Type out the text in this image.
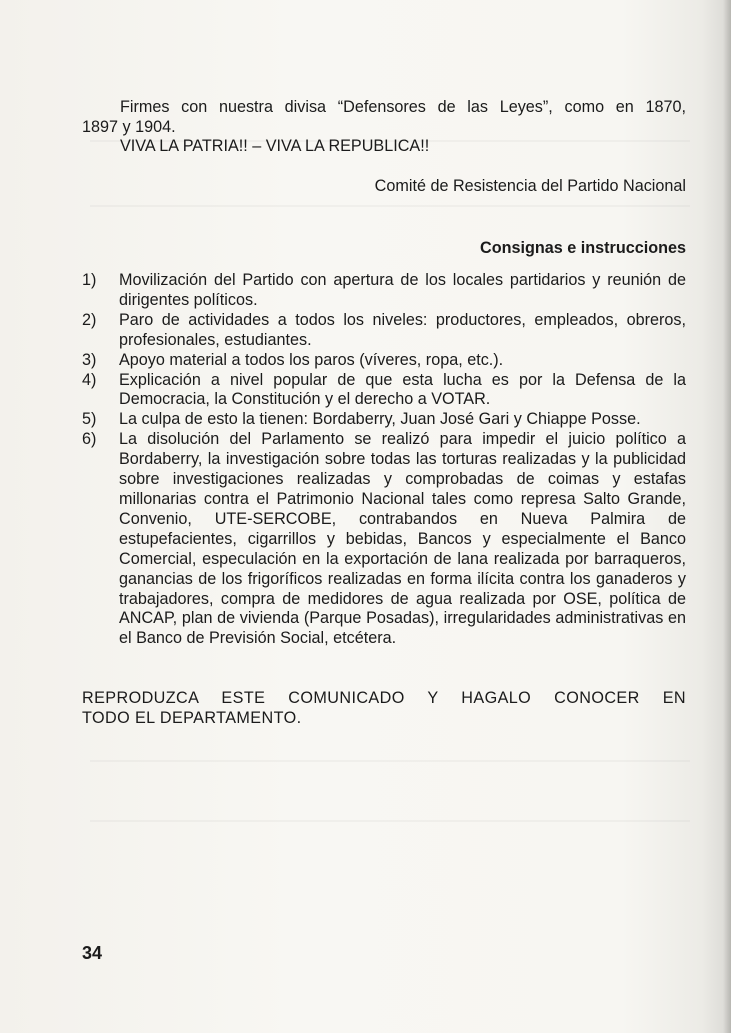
Firmes con nuestra divisa “Defensores de las Leyes”, como en 1870,
1897 y 1904.
VIVA LA PATRIA!! – VIVA LA REPUBLICA!!
Comité de Resistencia del Partido Nacional
Consignas e instrucciones
1)	Movilización del Partido con apertura de los locales partidarios y reunión de dirigentes políticos.
2)	Paro de actividades a todos los niveles: productores, empleados, obreros, profesionales, estudiantes.
3)	Apoyo material a todos los paros (víveres, ropa, etc.).
4)	Explicación a nivel popular de que esta lucha es por la Defensa de la Democracia, la Constitución y el derecho a VOTAR.
5)	La culpa de esto la tienen: Bordaberry, Juan José Gari y Chiappe Posse.
6)	La disolución del Parlamento se realizó para impedir el juicio político a Bordaberry, la investigación sobre todas las torturas realizadas y la publicidad sobre investigaciones realizadas y comprobadas de coimas y estafas millonarias contra el Patrimonio Nacional tales como represa Salto Grande, Convenio, UTE-SERCOBE, contrabandos en Nueva Palmira de estupefacientes, cigarrillos y bebidas, Bancos y especialmente el Banco Comercial, especulación en la exportación de lana realizada por barraqueros, ganancias de los frigoríficos realizadas en forma ilícita contra los ganaderos y trabajadores, compra de medidores de agua realizada por OSE, política de ANCAP, plan de vivienda (Parque Posadas), irregularidades administrativas en el Banco de Previsión Social, etcétera.
REPRODUZCA ESTE COMUNICADO Y HAGALO CONOCER EN
TODO EL DEPARTAMENTO.
34
